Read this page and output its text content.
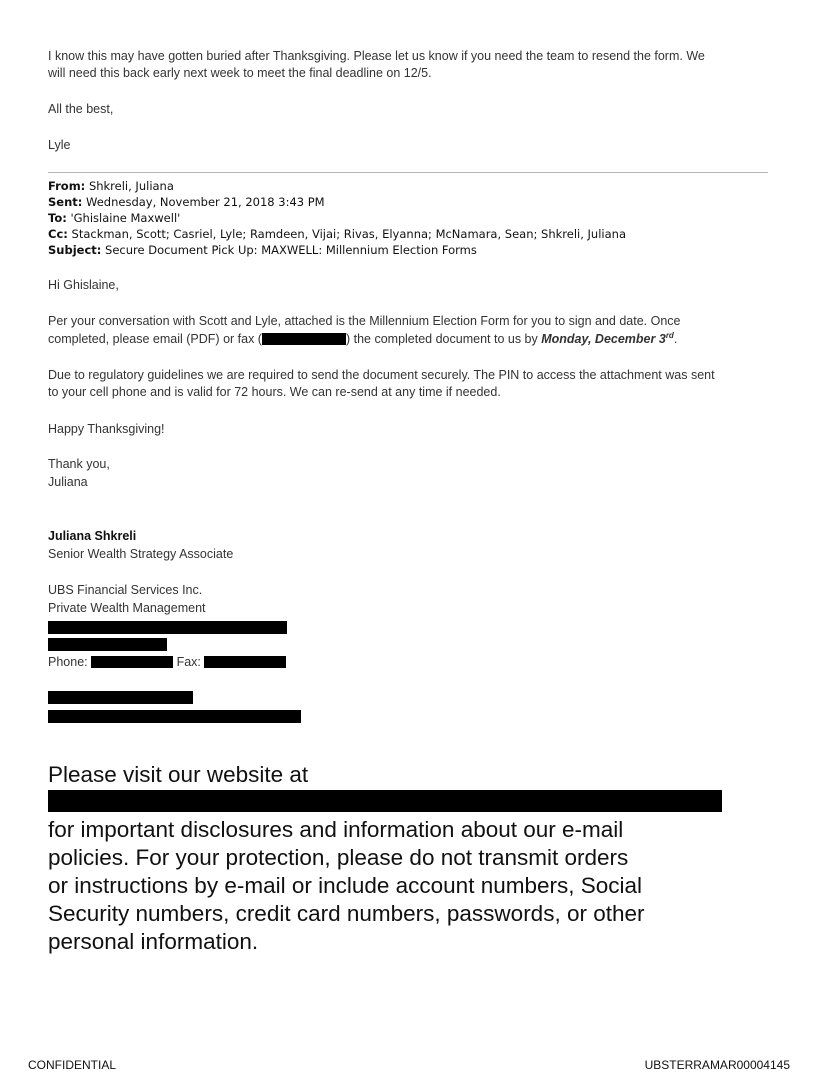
I know this may have gotten buried after Thanksgiving. Please let us know if you need the team to resend the form. We
will need this back early next week to meet the final deadline on 12/5.
All the best,
Lyle
From: Shkreli, Juliana
Sent: Wednesday, November 21, 2018 3:43 PM
To: 'Ghislaine Maxwell'
Cc: Stackman, Scott; Casriel, Lyle; Ramdeen, Vijai; Rivas, Elyanna; McNamara, Sean; Shkreli, Juliana
Subject: Secure Document Pick Up: MAXWELL: Millennium Election Forms
Hi Ghislaine,
Per your conversation with Scott and Lyle, attached is the Millennium Election Form for you to sign and date. Once
completed, please email (PDF) or fax (	) the completed document to us by Monday, December 3rd.
Due to regulatory guidelines we are required to send the document securely. The PIN to access the attachment was sent
to your cell phone and is valid for 72 hours. We can re-send at any time if needed.
Happy Thanksgiving!
Thank you,
Juliana
Juliana Shkreli
Senior Wealth Strategy Associate
UBS Financial Services Inc.
Private Wealth Management
Phone:	Fax:
Please visit our website at
for important disclosures and information about our e-mail
policies. For your protection, please do not transmit orders
or instructions by e-mail or include account numbers, Social
Security numbers, credit card numbers, passwords, or other
personal information.
CONFIDENTIAL	UBSTERRAMAR00004145
